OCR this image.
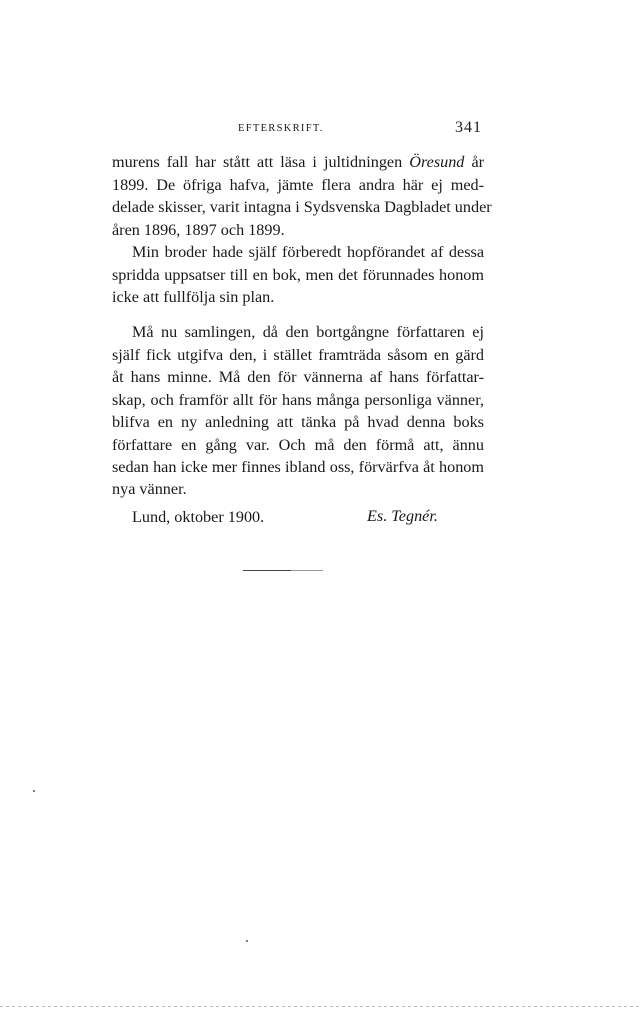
EFTERSKRIFT.	341
murens fall har stått att läsa i jultidningen Öresund år
1899. De öfriga hafva, jämte flera andra här ej med-
delade skisser, varit intagna i Sydsvenska Dagbladet under
åren 1896, 1897 och 1899.
Min broder hade själf förberedt hopförandet af dessa
spridda uppsatser till en bok, men det förunnades honom
icke att fullfölja sin plan.
Må nu samlingen, då den bortgångne författaren ej
själf fick utgifva den, i stället framträda såsom en gärd
åt hans minne. Må den för vännerna af hans författar-
skap, och framför allt för hans många personliga vänner,
blifva en ny anledning att tänka på hvad denna boks
författare en gång var. Och må den förmå att, ännu
sedan han icke mer finnes ibland oss, förvärfva åt honom
nya vänner.
Lund, oktober 1900.	Es. Tegnér.
